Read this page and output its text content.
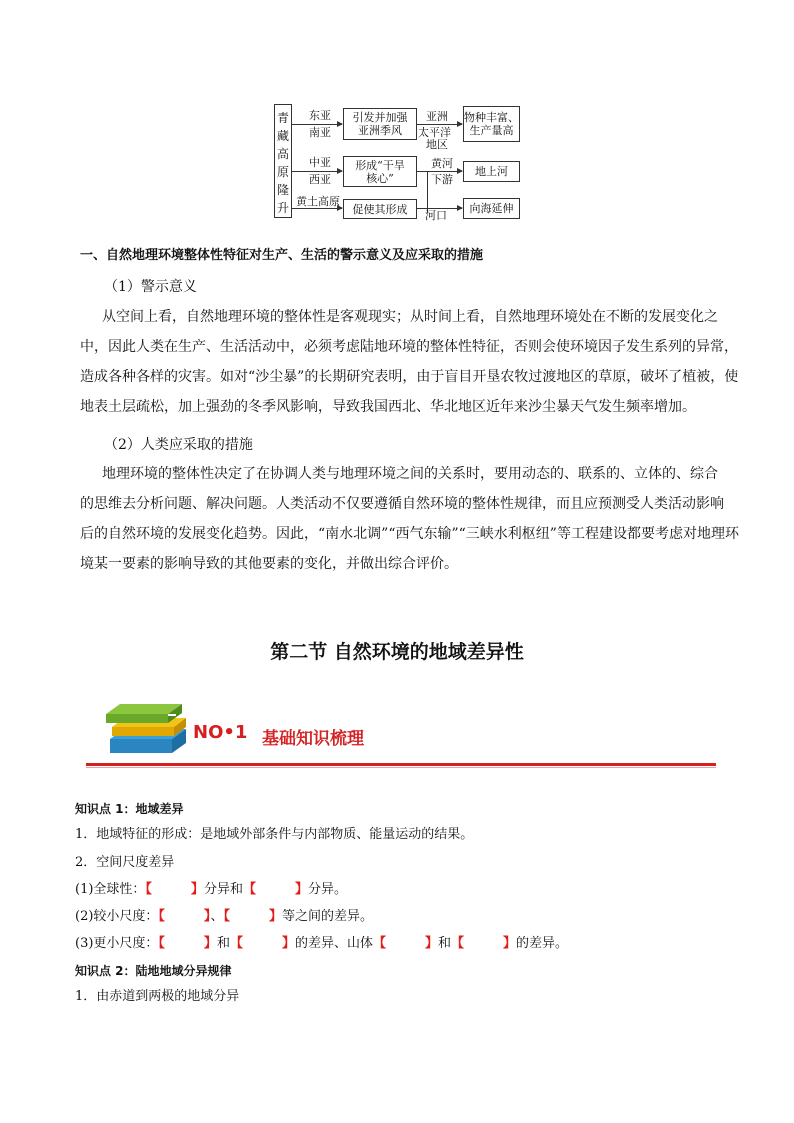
青
藏
高
原
隆
升
东亚
南亚
引发并加强
亚洲季风
亚洲
太平洋
地区
物种丰富、
生产量高
中亚
西亚
形成“干旱
核心”
黄河
下游
地上河
黄土高原
促使其形成	河口
向海延伸
一、自然地理环境整体性特征对生产、生活的警示意义及应采取的措施
（1）警示意义
从空间上看，自然地理环境的整体性是客观现实；从时间上看，自然地理环境处在不断的发展变化之
中，因此人类在生产、生活活动中，必须考虑陆地环境的整体性特征，否则会使环境因子发生系列的异常，
造成各种各样的灾害。如对“沙尘暴”的长期研究表明，由于盲目开垦农牧过渡地区的草原，破坏了植被，使
地表土层疏松，加上强劲的冬季风影响，导致我国西北、华北地区近年来沙尘暴天气发生频率增加。
（2）人类应采取的措施
地理环境的整体性决定了在协调人类与地理环境之间的关系时，要用动态的、联系的、立体的、综合
的思维去分析问题、解决问题。人类活动不仅要遵循自然环境的整体性规律，而且应预测受人类活动影响
后的自然环境的发展变化趋势。因此，“南水北调”“西气东输”“三峡水利枢纽”等工程建设都要考虑对地理环
境某一要素的影响导致的其他要素的变化，并做出综合评价。
第二节 自然环境的地域差异性
NO•1 基础知识梳理
知识点 1：地域差异
1．地域特征的形成：是地域外部条件与内部物质、能量运动的结果。
2．空间尺度差异
(1)全球性：【　　　】分异和【　　　】分异。
(2)较小尺度：【　　　】、【　　　】等之间的差异。
(3)更小尺度：【　　　】和【　　　】的差异、山体【　　　】和【　　　】的差异。
知识点 2：陆地地域分异规律
1．由赤道到两极的地域分异
